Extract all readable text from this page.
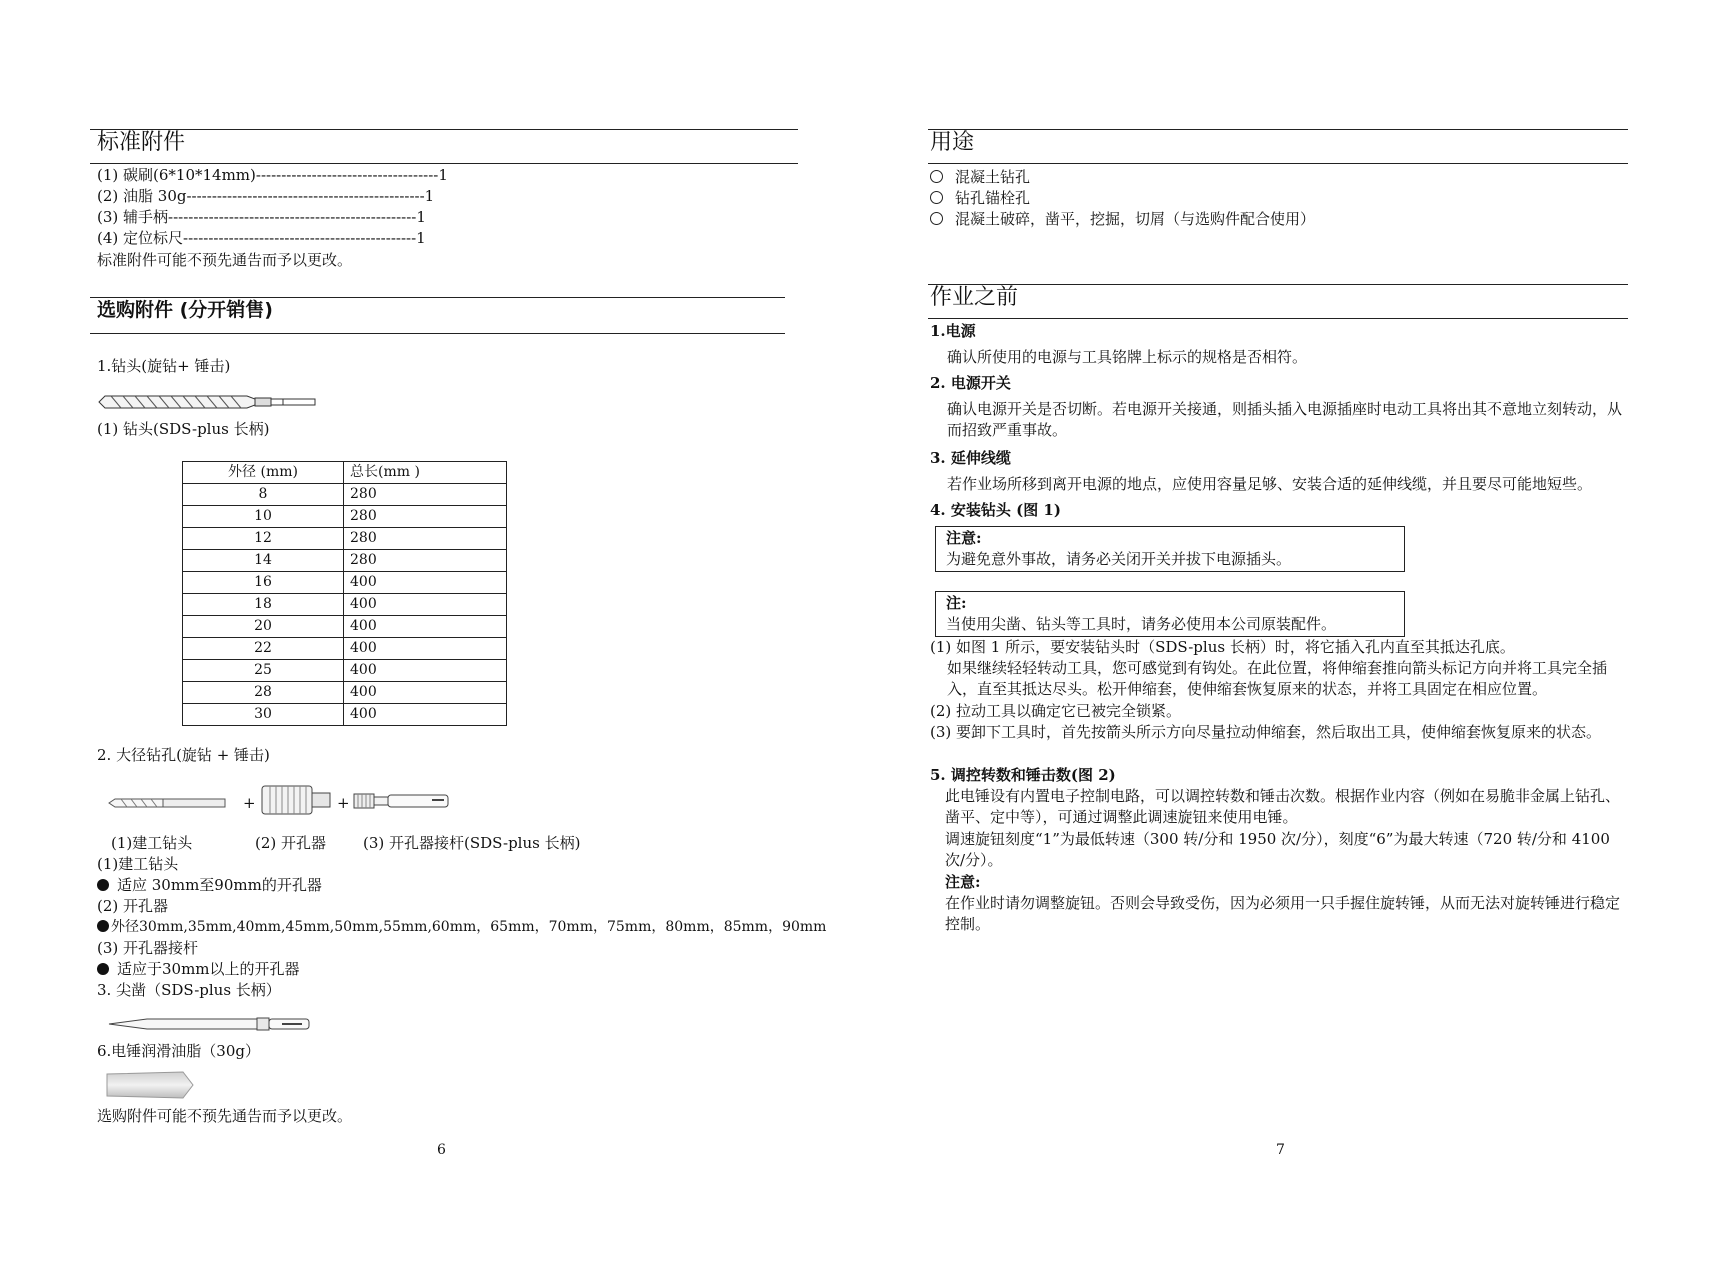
标准附件
(1) 碳刷(6*10*14mm)------------------------------------1
(2) 油脂 30g-----------------------------------------------1
(3) 辅手柄-------------------------------------------------1
(4) 定位标尺----------------------------------------------1
标准附件可能不预先通告而予以更改。
选购附件 (分开销售)
1.钻头(旋钻+ 锤击)
(1) 钻头(SDS-plus 长柄)
外径 (mm)	总长(mm )
8	280
10	280
12	280
14	280
16	400
18	400
20	400
22	400
25	400
28	400
30	400
2. 大径钻孔(旋钻 + 锤击)
+	+
(1)建工钻头	(2) 开孔器 (3) 开孔器接杆(SDS-plus 长柄)
(1)建工钻头
适应 30mm至90mm的开孔器
(2) 开孔器
外径30mm,35mm,40mm,45mm,50mm,55mm,60mm，65mm，70mm，75mm，80mm，85mm，90mm
(3) 开孔器接杆
适应于30mm以上的开孔器
3. 尖凿（SDS-plus 长柄）
6.电锤润滑油脂（30g）
选购附件可能不预先通告而予以更改。
6
用途
混凝土钻孔
钻孔锚栓孔
混凝土破碎，凿平，挖掘，切屑（与选购件配合使用）
作业之前
1.电源
确认所使用的电源与工具铭牌上标示的规格是否相符。
2. 电源开关
确认电源开关是否切断。若电源开关接通，则插头插入电源插座时电动工具将出其不意地立刻转动，从而招致严重事故。
3. 延伸线缆
若作业场所移到离开电源的地点，应使用容量足够、安装合适的延伸线缆，并且要尽可能地短些。
4. 安装钻头 (图 1)
注意:
为避免意外事故，请务必关闭开关并拔下电源插头。
注:
当使用尖凿、钻头等工具时，请务必使用本公司原装配件。
(1) 如图 1 所示，要安装钻头时（SDS-plus 长柄）时，将它插入孔内直至其抵达孔底。
如果继续轻轻转动工具，您可感觉到有钩处。在此位置，将伸缩套推向箭头标记方向并将工具完全插入，直至其抵达尽头。松开伸缩套，使伸缩套恢复原来的状态，并将工具固定在相应位置。
(2) 拉动工具以确定它已被完全锁紧。
(3) 要卸下工具时，首先按箭头所示方向尽量拉动伸缩套，然后取出工具，使伸缩套恢复原来的状态。
5. 调控转数和锤击数(图 2)
此电锤设有内置电子控制电路，可以调控转数和锤击次数。根据作业内容（例如在易脆非金属上钻孔、凿平、定中等），可通过调整此调速旋钮来使用电锤。
调速旋钮刻度“1”为最低转速（300 转/分和 1950 次/分），刻度“6”为最大转速（720 转/分和 4100 次/分）。
注意:
在作业时请勿调整旋钮。否则会导致受伤，因为必须用一只手握住旋转锤，从而无法对旋转锤进行稳定控制。
7
